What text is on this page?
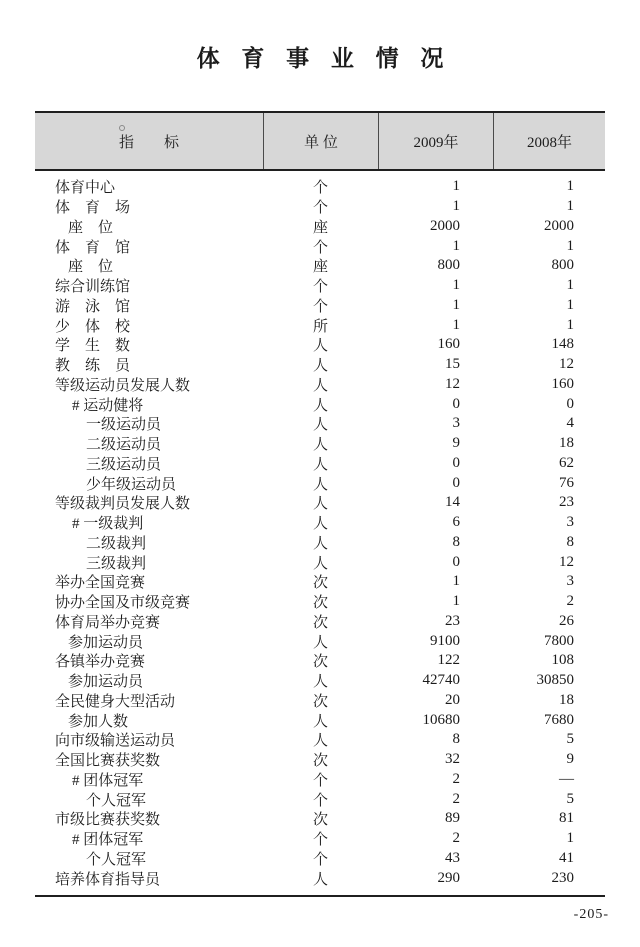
体 育 事 业 情 况
指　　标	单 位	2009年	2008年
体育中心	个	1	1
体　育　场	个	1	1
座　位	座	2000	2000
体　育　馆	个	1	1
座　位	座	800	800
综合训练馆	个	1	1
游　泳　馆	个	1	1
少　体　校	所	1	1
学　生　数	人	160	148
教　练　员	人	15	12
等级运动员发展人数	人	12	160
# 运动健将	人	0	0
一级运动员	人	3	4
二级运动员	人	9	18
三级运动员	人	0	62
少年级运动员	人	0	76
等级裁判员发展人数	人	14	23
# 一级裁判	人	6	3
二级裁判	人	8	8
三级裁判	人	0	12
举办全国竞赛	次	1	3
协办全国及市级竞赛	次	1	2
体育局举办竞赛	次	23	26
参加运动员	人	9100	7800
各镇举办竞赛	次	122	108
参加运动员	人	42740	30850
全民健身大型活动	次	20	18
参加人数	人	10680	7680
向市级输送运动员	人	8	5
全国比赛获奖数	次	32	9
# 团体冠军	个	2	—
个人冠军	个	2	5
市级比赛获奖数	次	89	81
# 团体冠军	个	2	1
个人冠军	个	43	41
培养体育指导员	人	290	230
-205-
